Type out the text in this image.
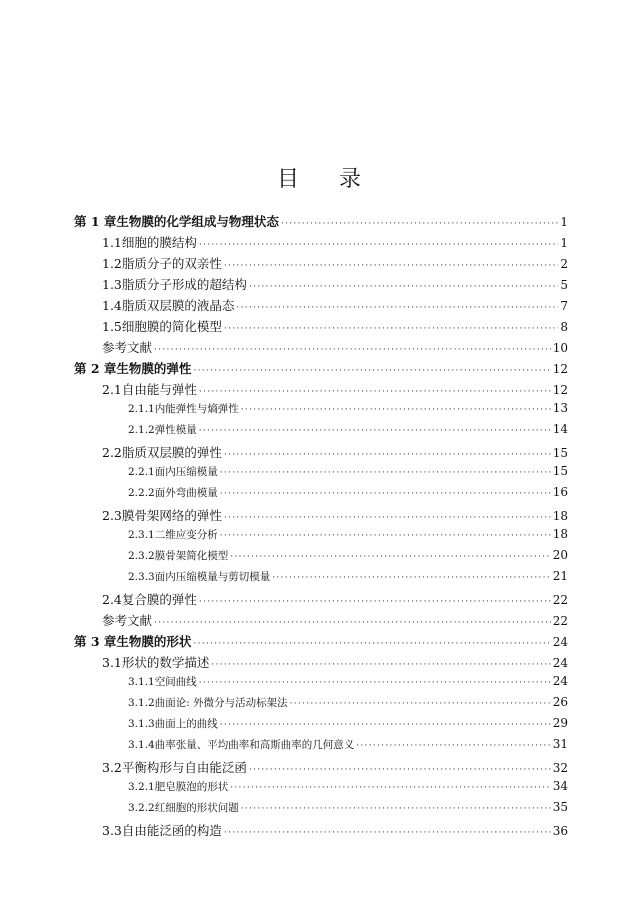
目 录
第 1 章 生物膜的化学组成与物理状态 ·····	1
1.1 细胞的膜结构 ·····	1
1.2 脂质分子的双亲性 ·····	2
1.3 脂质分子形成的超结构 ·····	5
1.4 脂质双层膜的液晶态 ·····	7
1.5 细胞膜的简化模型 ·····	8
参考文献 ·····	10
第 2 章 生物膜的弹性 ·····	12
2.1 自由能与弹性 ·····	12
2.1.1 内能弹性与熵弹性 ·····	13
2.1.2 弹性模量 ·····	14
2.2 脂质双层膜的弹性 ·····	15
2.2.1 面内压缩模量 ·····	15
2.2.2 面外弯曲模量 ·····	16
2.3 膜骨架网络的弹性 ·····	18
2.3.1 二维应变分析 ·····	18
2.3.2 膜骨架简化模型 ·····	20
2.3.3 面内压缩模量与剪切模量 ·····	21
2.4 复合膜的弹性 ·····	22
参考文献 ·····	22
第 3 章 生物膜的形状 ·····	24
3.1 形状的数学描述 ·····	24
3.1.1 空间曲线 ·····	24
3.1.2 曲面论: 外微分与活动标架法 ·····	26
3.1.3 曲面上的曲线 ·····	29
3.1.4 曲率张量、平均曲率和高斯曲率的几何意义 ·····	31
3.2 平衡构形与自由能泛函 ·····	32
3.2.1 肥皂膜泡的形状 ·····	34
3.2.2 红细胞的形状问题 ·····	35
3.3 自由能泛函的构造 ·····	36
